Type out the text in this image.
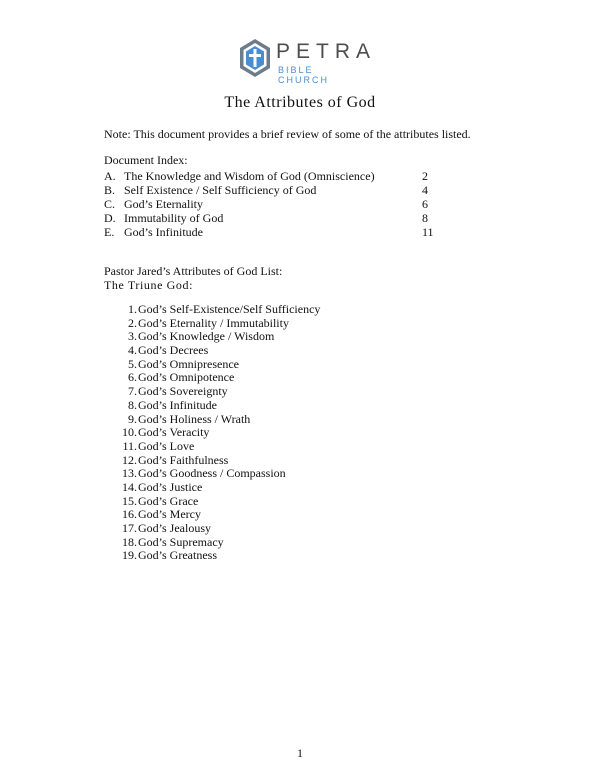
PETRA
BIBLE CHURCH
The Attributes of God
Note: This document provides a brief review of some of the attributes listed.
Document Index:
A. The Knowledge and Wisdom of God (Omniscience)	2
B. Self Existence / Self Sufficiency of God	4
C. God’s Eternality	6
D. Immutability of God	8
E. God’s Infinitude	11
Pastor Jared’s Attributes of God List:
The Triune God:
1. God’s Self-Existence/Self Sufficiency
2. God’s Eternality / Immutability
3. God’s Knowledge / Wisdom
4. God’s Decrees
5. God’s Omnipresence
6. God’s Omnipotence
7. God’s Sovereignty
8. God’s Infinitude
9. God’s Holiness / Wrath
10. God’s Veracity
11. God’s Love
12. God’s Faithfulness
13. God’s Goodness / Compassion
14. God’s Justice
15. God’s Grace
16. God’s Mercy
17. God’s Jealousy
18. God’s Supremacy
19. God’s Greatness
1
